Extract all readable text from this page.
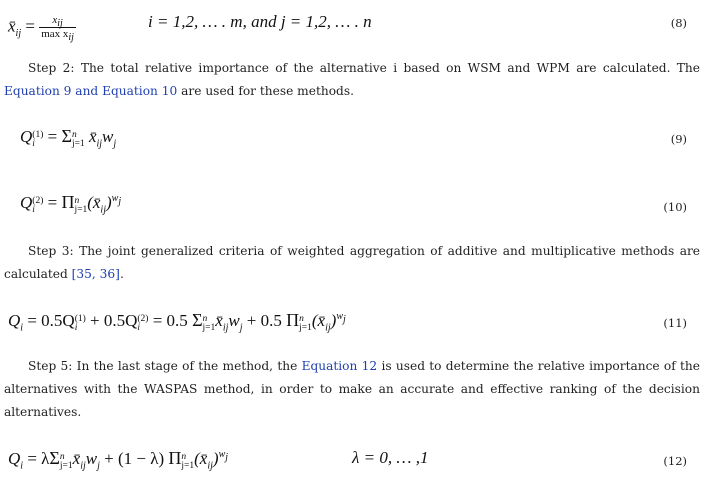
$x̄_{ij} = \frac{x_{ij}}{\max x_{ij}}$	i = 1,2, … . m, and j = 1,2, … . n	(8)
Step 2: The total relative importance of the alternative i based on WSM and WPM are calculated. The Equation 9 and Equation 10 are used for these methods.
Q (1)
i = Σ n
j=1 $x̄_{ij}w_j$	(9)
Q (2)
i = Π n
j=1 $(x̄_{ij})^{w_j}$	(10)
Step 3: The joint generalized criteria of weighted aggregation of additive and multiplicative methods are calculated [35, 36].
$Q_i = 0.5Q$ (1)
i + 0.5Q (2)
i = 0.5 Σ n
j=1 $x̄_{ij}w_j + 0.5$ Π n
j=1 $(x̄_{ij})^{w_j}$	(11)
Step 5: In the last stage of the method, the Equation 12 is used to determine the relative importance of the alternatives with the WASPAS method, in order to make an accurate and effective ranking of the decision alternatives.
$Q_i = \lambda\Sigma$ n
j=1 $x̄_{ij}w_j + (1 - \lambda)$ Π n
j=1 $(x̄_{ij})^{w_j}$	λ = 0, … ,1	(12)
